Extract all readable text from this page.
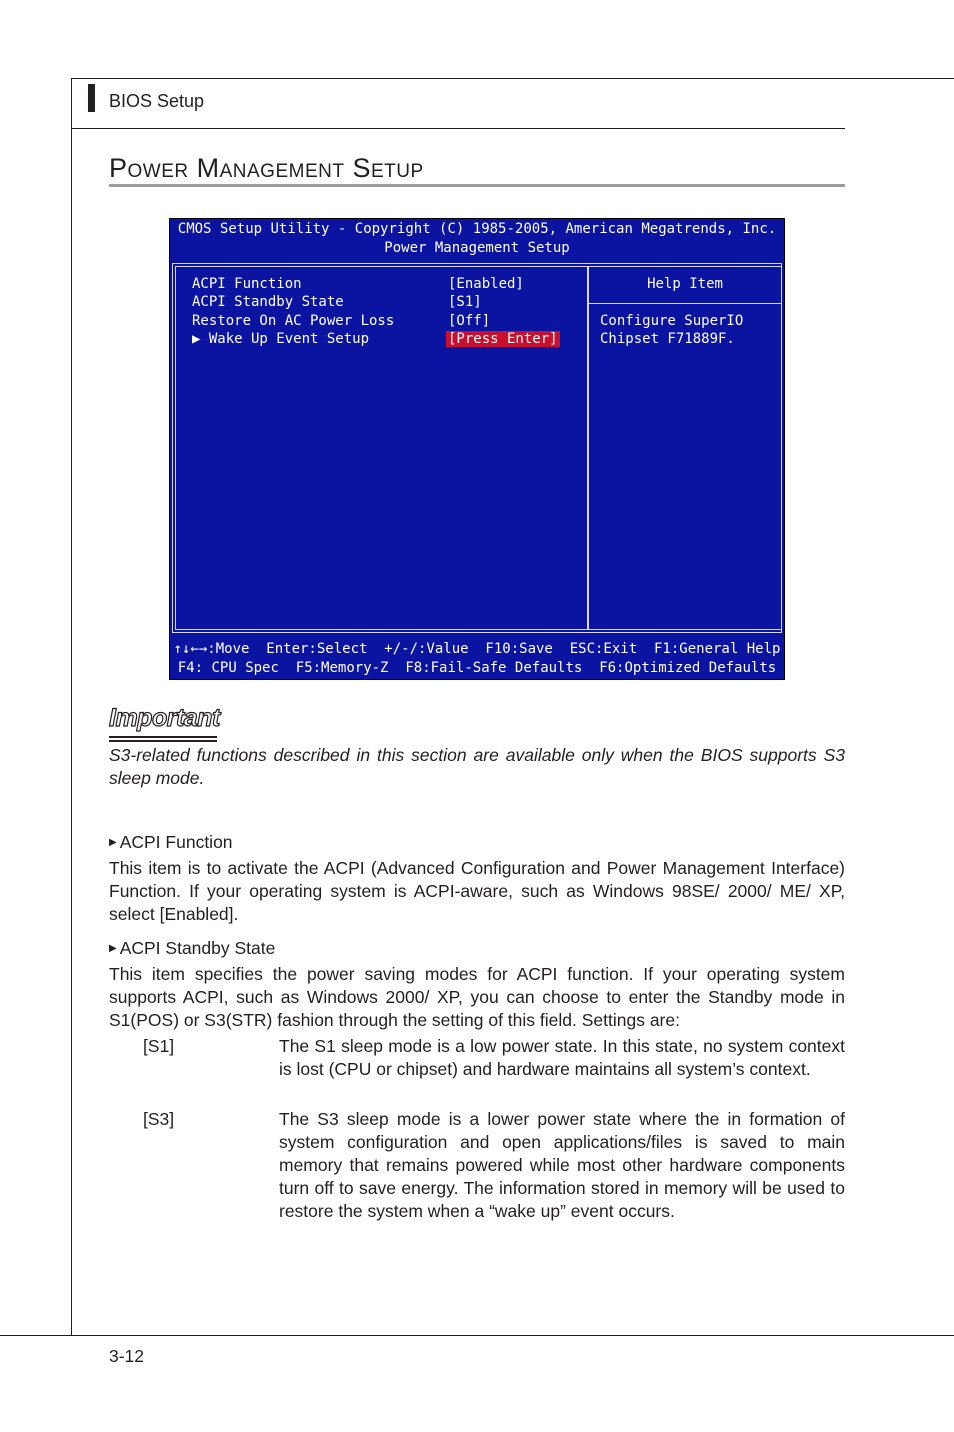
BIOS Setup
Power Management Setup
CMOS Setup Utility - Copyright (C) 1985-2005, American Megatrends, Inc.
Power Management Setup
ACPI Function	[Enabled]
ACPI Standby State	[S1]
Restore On AC Power Loss	[Off]
▶ Wake Up Event Setup	[Press Enter]
Help Item
Configure SuperIO
Chipset F71889F.
↑↓←→:Move  Enter:Select  +/-/:Value  F10:Save  ESC:Exit  F1:General Help
F4: CPU Spec  F5:Memory-Z  F8:Fail-Safe Defaults  F6:Optimized Defaults
Important
S3-related functions described in this section are available only when the BIOS supports S3 sleep mode.
▶ ACPI Function
This item is to activate the ACPI (Advanced Configuration and Power Management Interface) Function. If your operating system is ACPI-aware, such as Windows 98SE/ 2000/ ME/ XP, select [Enabled].
▶ ACPI Standby State
This item specifies the power saving modes for ACPI function. If your operating system supports ACPI, such as Windows 2000/ XP, you can choose to enter the Standby mode in S1(POS) or S3(STR) fashion through the setting of this field. Settings are:
[S1]	The S1 sleep mode is a low power state. In this state, no system context is lost (CPU or chipset) and hardware maintains all system’s context.
[S3]	The S3 sleep mode is a lower power state where the in formation of system configuration and open applications/files is saved to main memory that remains powered while most other hardware components turn off to save energy. The information stored in memory will be used to restore the system when a “wake up” event occurs.
3-12
